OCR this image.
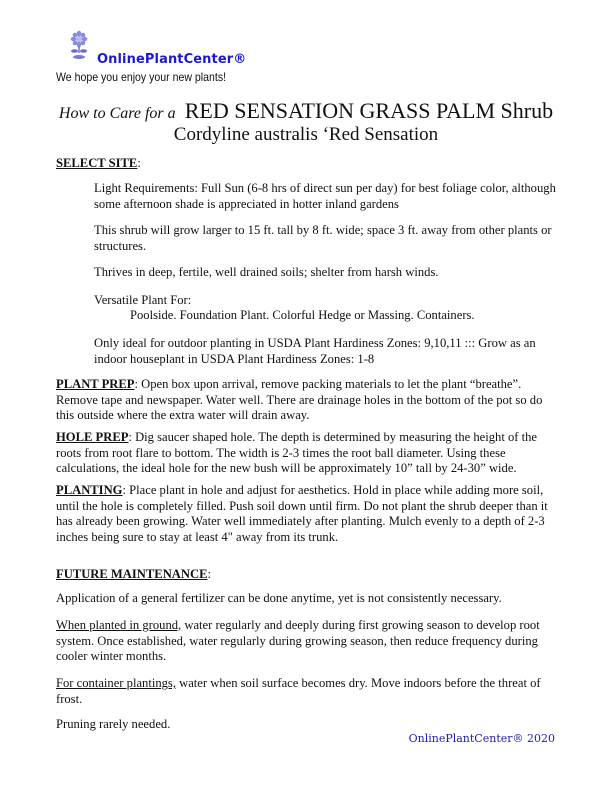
OnlinePlantCenter®
We hope you enjoy your new plants!
How to Care for a RED SENSATION GRASS PALM Shrub
Cordyline australis ‘Red Sensation
SELECT SITE:
Light Requirements: Full Sun (6-8 hrs of direct sun per day) for best foliage color, although some afternoon shade is appreciated in hotter inland gardens
This shrub will grow larger to 15 ft. tall by 8 ft. wide; space 3 ft. away from other plants or structures.
Thrives in deep, fertile, well drained soils; shelter from harsh winds.
Versatile Plant For:
Poolside. Foundation Plant. Colorful Hedge or Massing. Containers.
Only ideal for outdoor planting in USDA Plant Hardiness Zones: 9,10,11 ::: Grow as an indoor houseplant in USDA Plant Hardiness Zones: 1-8
PLANT PREP: Open box upon arrival, remove packing materials to let the plant “breathe”. Remove tape and newspaper. Water well. There are drainage holes in the bottom of the pot so do this outside where the extra water will drain away.
HOLE PREP: Dig saucer shaped hole. The depth is determined by measuring the height of the roots from root flare to bottom. The width is 2-3 times the root ball diameter. Using these calculations, the ideal hole for the new bush will be approximately 10” tall by 24-30” wide.
PLANTING: Place plant in hole and adjust for aesthetics. Hold in place while adding more soil, until the hole is completely filled. Push soil down until firm. Do not plant the shrub deeper than it has already been growing. Water well immediately after planting. Mulch evenly to a depth of 2-3 inches being sure to stay at least 4" away from its trunk.
FUTURE MAINTENANCE:
Application of a general fertilizer can be done anytime, yet is not consistently necessary.
When planted in ground, water regularly and deeply during first growing season to develop root system. Once established, water regularly during growing season, then reduce frequency during cooler winter months.
For container plantings, water when soil surface becomes dry. Move indoors before the threat of frost.
Pruning rarely needed.
OnlinePlantCenter® 2020
